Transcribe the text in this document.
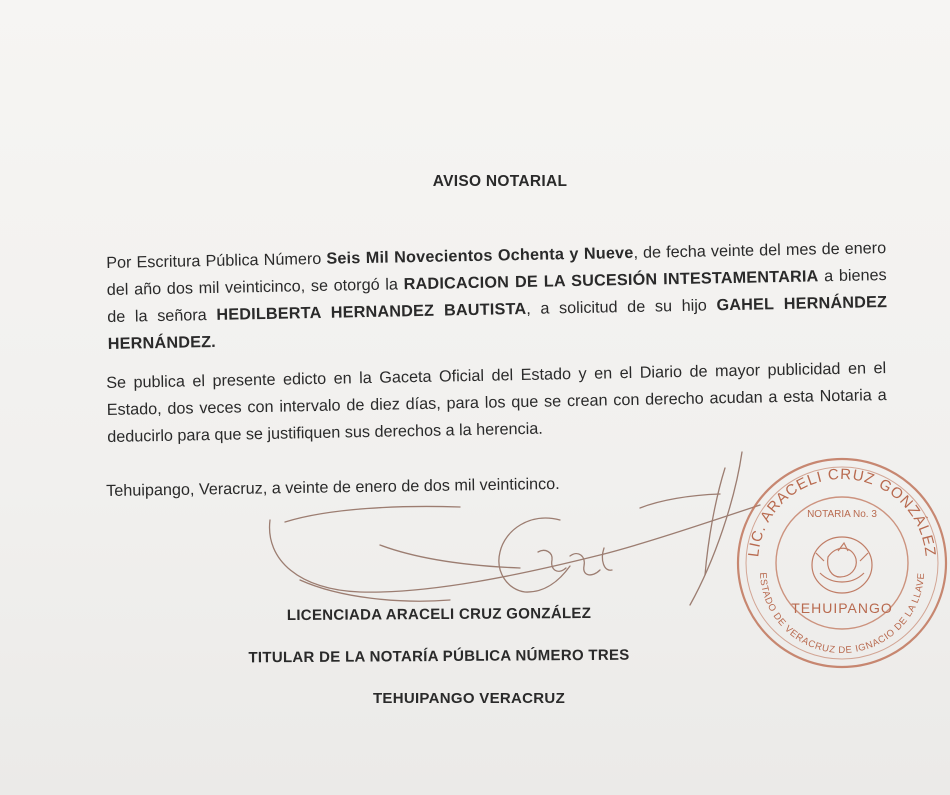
AVISO NOTARIAL
Por Escritura Pública Número Seis Mil Novecientos Ochenta y Nueve, de fecha veinte del mes de enero del año dos mil veinticinco, se otorgó la RADICACION DE LA SUCESIÓN INTESTAMENTARIA a bienes de la señora HEDILBERTA HERNANDEZ BAUTISTA, a solicitud de su hijo GAHEL HERNÁNDEZ HERNÁNDEZ.
Se publica el presente edicto en la Gaceta Oficial del Estado y en el Diario de mayor publicidad en el Estado, dos veces con intervalo de diez días, para los que se crean con derecho acudan a esta Notaria a deducirlo para que se justifiquen sus derechos a la herencia.
Tehuipango, Veracruz, a veinte de enero de dos mil veinticinco.
LIC. ARACELI CRUZ GONZÁLEZ
ESTADO DE VERACRUZ DE IGNACIO DE LA LLAVE
NOTARIA No. 3
TEHUIPANGO
LICENCIADA ARACELI CRUZ GONZÁLEZ
TITULAR DE LA NOTARÍA PÚBLICA NÚMERO TRES
TEHUIPANGO VERACRUZ
